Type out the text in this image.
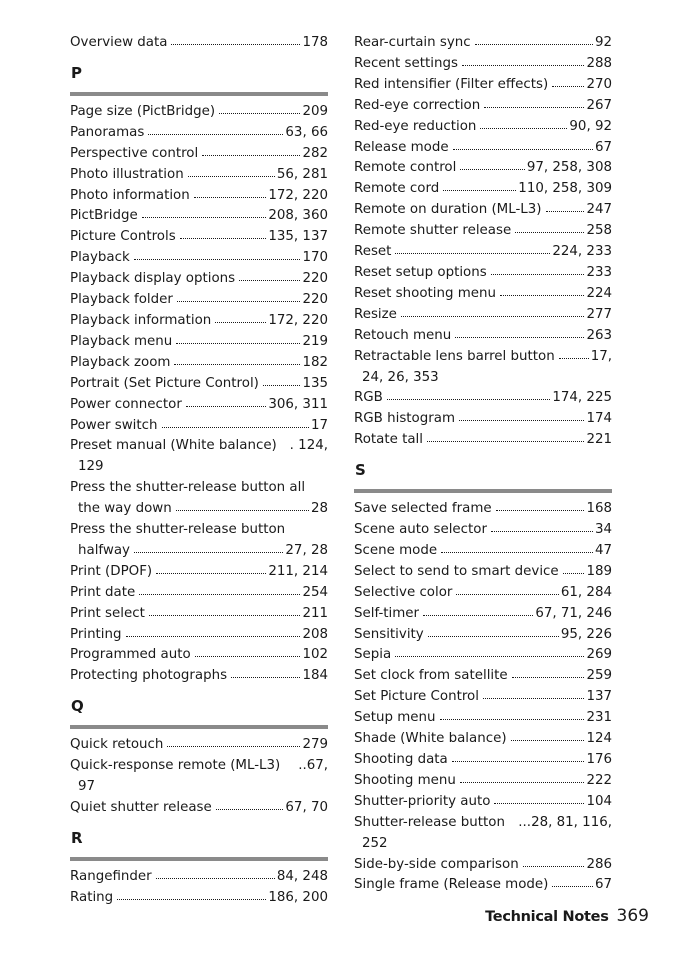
Overview data	178
P
Page size (PictBridge)	209
Panoramas	63, 66
Perspective control	282
Photo illustration	56, 281
Photo information	172, 220
PictBridge	208, 360
Picture Controls	135, 137
Playback	170
Playback display options	220
Playback folder	220
Playback information	172, 220
Playback menu	219
Playback zoom	182
Portrait (Set Picture Control)	135
Power connector	306, 311
Power switch	17
Preset manual (White balance) . 124,
129
Press the shutter-release button all
the way down	28
Press the shutter-release button
halfway	27, 28
Print (DPOF)	211, 214
Print date	254
Print select	211
Printing	208
Programmed auto	102
Protecting photographs	184
Q
Quick retouch	279
Quick-response remote (ML-L3) ..67,
97
Quiet shutter release	67, 70
R
Rangefinder	84, 248
Rating	186, 200
Rear-curtain sync	92
Recent settings	288
Red intensifier (Filter effects)	270
Red-eye correction	267
Red-eye reduction	90, 92
Release mode	67
Remote control	97, 258, 308
Remote cord	110, 258, 309
Remote on duration (ML-L3)	247
Remote shutter release	258
Reset	224, 233
Reset setup options	233
Reset shooting menu	224
Resize	277
Retouch menu	263
Retractable lens barrel button	17,
24, 26, 353
RGB	174, 225
RGB histogram	174
Rotate tall	221
S
Save selected frame	168
Scene auto selector	34
Scene mode	47
Select to send to smart device 189
Selective color	61, 284
Self-timer	67, 71, 246
Sensitivity	95, 226
Sepia	269
Set clock from satellite	259
Set Picture Control	137
Setup menu	231
Shade (White balance)	124
Shooting data	176
Shooting menu	222
Shutter-priority auto	104
Shutter-release button ...28, 81, 116,
252
Side-by-side comparison	286
Single frame (Release mode)	67
Technical Notes 369
